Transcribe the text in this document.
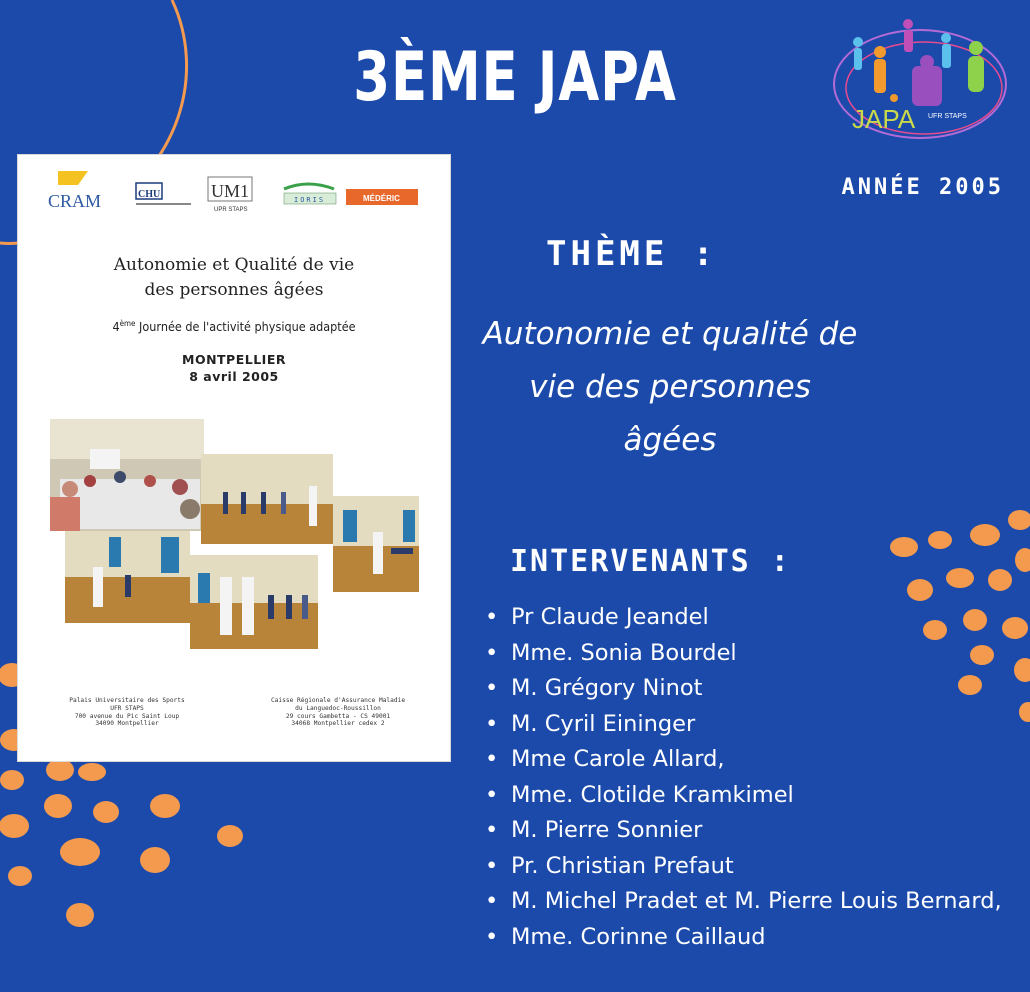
3ÈME JAPA
JAPA UFR STAPS
ANNÉE 2005
CRAM	CHU	UM1
UPR STAPS
IORIS	MÉDÉRIC
Autonomie et Qualité de vie
des personnes âgées
4ème Journée de l'activité physique adaptée
MONTPELLIER
8 avril 2005
Palais Universitaire des Sports
UFR STAPS
700 avenue du Pic Saint Loup
34090 Montpellier
Caisse Régionale d'Assurance Maladie
du Languedoc-Roussillon
29 cours Gambetta - CS 49001
34068 Montpellier cedex 2
THÈME :
Autonomie et qualité de vie des personnes âgées
INTERVENANTS :
• Pr Claude Jeandel
• Mme. Sonia Bourdel
• M. Grégory Ninot
• M. Cyril Eininger
• Mme Carole Allard,
• Mme. Clotilde Kramkimel
• M. Pierre Sonnier
• Pr. Christian Prefaut
• M. Michel Pradet et M. Pierre Louis Bernard,
• Mme. Corinne Caillaud
